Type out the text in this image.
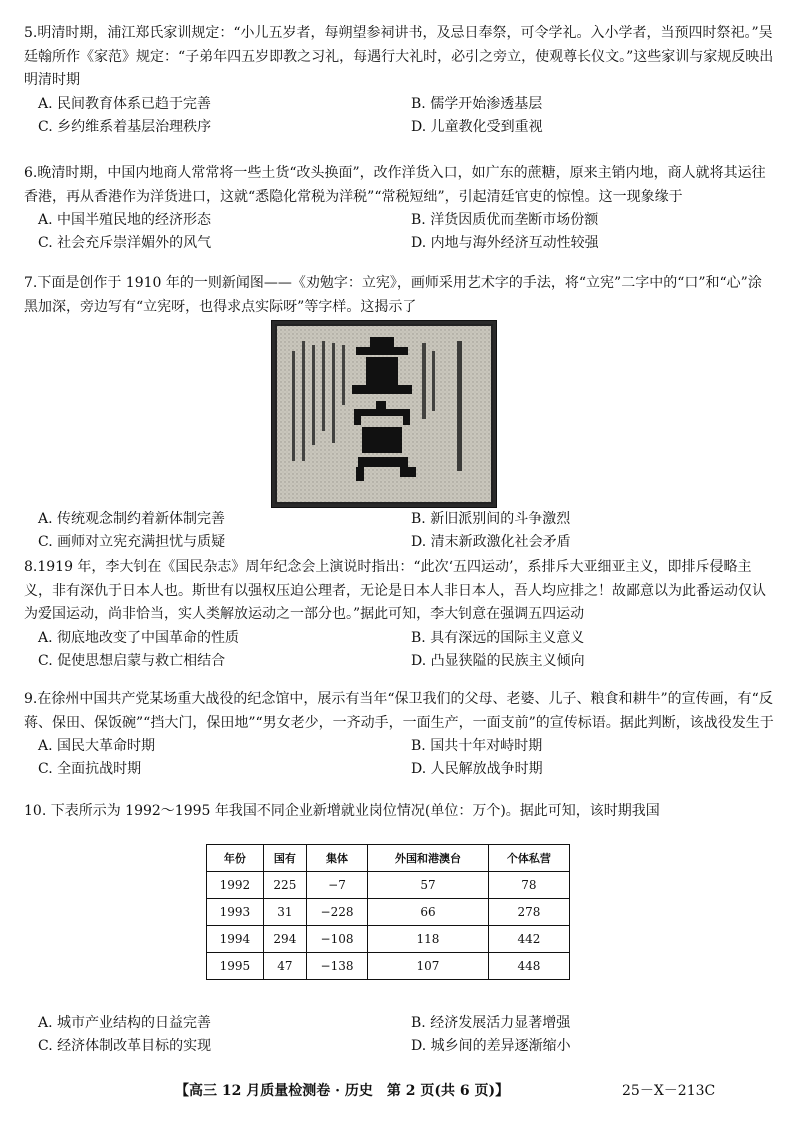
5.明清时期，浦江郑氏家训规定：“小儿五岁者，每朔望参祠讲书，及忌日奉祭，可令学礼。入小学者，当预四时祭祀。”吴廷翰所作《家范》规定：“子弟年四五岁即教之习礼，每遇行大礼时，必引之旁立，使观尊长仪文。”这些家训与家规反映出明清时期

A. 民间教育体系已趋于完善	B. 儒学开始渗透基层
C. 乡约维系着基层治理秩序	D. 儿童教化受到重视

6.晚清时期，中国内地商人常常将一些土货“改头换面”，改作洋货入口，如广东的蔗糖，原来主销内地，商人就将其运往香港，再从香港作为洋货进口，这就“悉隐化常税为洋税”“常税短绌”，引起清廷官吏的惊惶。这一现象缘于

A. 中国半殖民地的经济形态	B. 洋货因质优而垄断市场份额
C. 社会充斥崇洋媚外的风气	D. 内地与海外经济互动性较强

7.下面是创作于 1910 年的一则新闻图——《劝勉字：立宪》，画师采用艺术字的手法，将“立宪”二字中的“口”和“心”涂黑加深，旁边写有“立宪呀，也得求点实际呀”等字样。这揭示了

A. 传统观念制约着新体制完善	B. 新旧派别间的斗争激烈
C. 画师对立宪充满担忧与质疑	D. 清末新政激化社会矛盾

8.1919 年，李大钊在《国民杂志》周年纪念会上演说时指出：“此次‘五四运动’，系排斥大亚细亚主义，即排斥侵略主义，非有深仇于日本人也。斯世有以强权压迫公理者，无论是日本人非日本人，吾人均应排之！故鄙意以为此番运动仅认为爱国运动，尚非恰当，实人类解放运动之一部分也。”据此可知，李大钊意在强调五四运动

A. 彻底地改变了中国革命的性质	B. 具有深远的国际主义意义
C. 促使思想启蒙与救亡相结合	D. 凸显狭隘的民族主义倾向

9.在徐州中国共产党某场重大战役的纪念馆中，展示有当年“保卫我们的父母、老婆、儿子、粮食和耕牛”的宣传画，有“反蒋、保田、保饭碗”“挡大门，保田地”“男女老少，一齐动手，一面生产，一面支前”的宣传标语。据此判断，该战役发生于

A. 国民大革命时期	B. 国共十年对峙时期
C. 全面抗战时期	D. 人民解放战争时期

10. 下表所示为 1992～1995 年我国不同企业新增就业岗位情况(单位：万个)。据此可知，该时期我国

年份	国有	集体	外国和港澳台	个体私营
1992	225	−7	57	78
1993	31	−228	66	278
1994	294	−108	118	442
1995	47	−138	107	448
A. 城市产业结构的日益完善	B. 经济发展活力显著增强
C. 经济体制改革目标的实现	D. 城乡间的差异逐渐缩小
【高三 12 月质量检测卷 · 历史　第 2 页(共 6 页)】	25－X－213C
